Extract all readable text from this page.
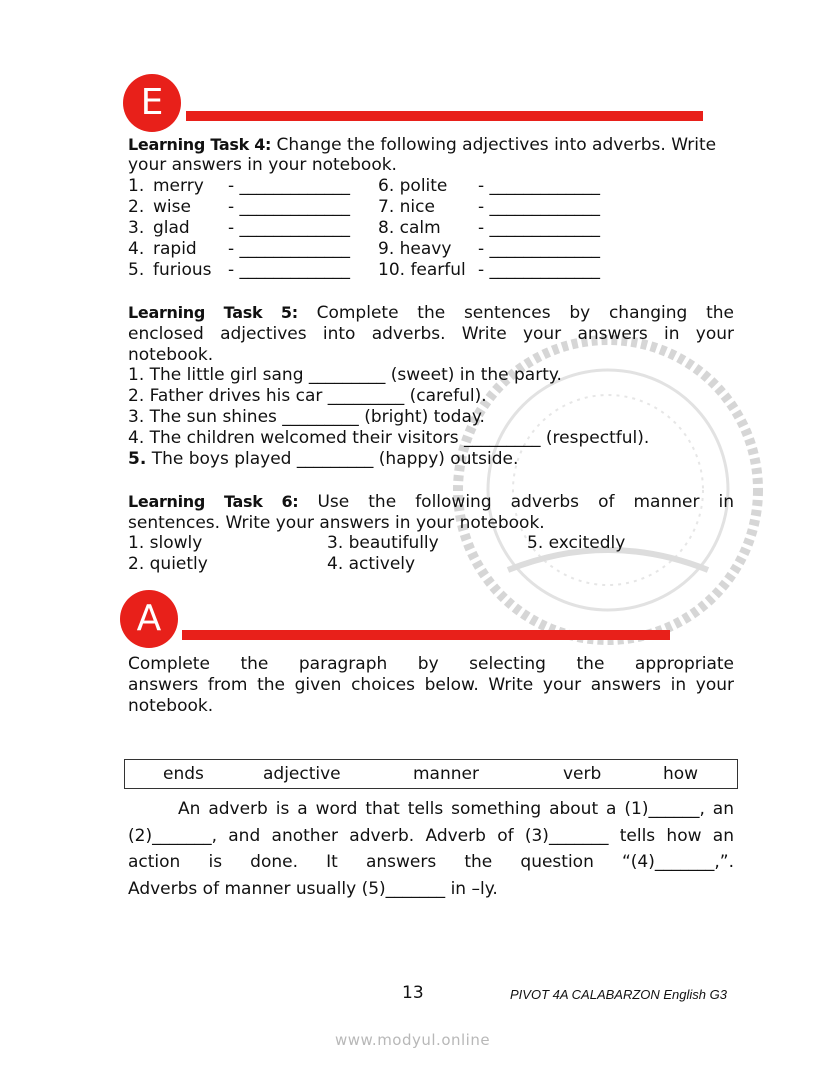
E
Learning Task 4: Change the following adjectives into adverbs. Write
your answers in your notebook.
1. merry - _____________ 6. polite - _____________
2. wise - _____________ 7. nice	- _____________
3. glad - _____________ 8. calm - _____________
4. rapid - _____________ 9. heavy - _____________
5. furious - _____________ 10. fearful - _____________
Learning Task 5: Complete the sentences by changing the
enclosed adjectives into adverbs. Write your answers in your
notebook.
1. The little girl sang _________ (sweet) in the party.
2. Father drives his car _________ (careful).
3. The sun shines _________ (bright) today.
4. The children welcomed their visitors _________ (respectful).
5. The boys played _________ (happy) outside.
Learning Task 6: Use the following adverbs of manner in
sentences. Write your answers in your notebook.
1. slowly
2. quietly
3. beautifully
4. actively
5. excitedly
A
Complete the paragraph by selecting the appropriate
answers from the given choices below. Write your answers in your
notebook.
ends	adjective	manner	verb	how
An adverb is a word that tells something about a (1)______, an
(2)_______, and another adverb. Adverb of (3)_______ tells how an
action is done. It answers the question “(4)_______,”.
Adverbs of manner usually (5)_______ in –ly.
13	PIVOT 4A CALABARZON English G3
www.modyul.online
